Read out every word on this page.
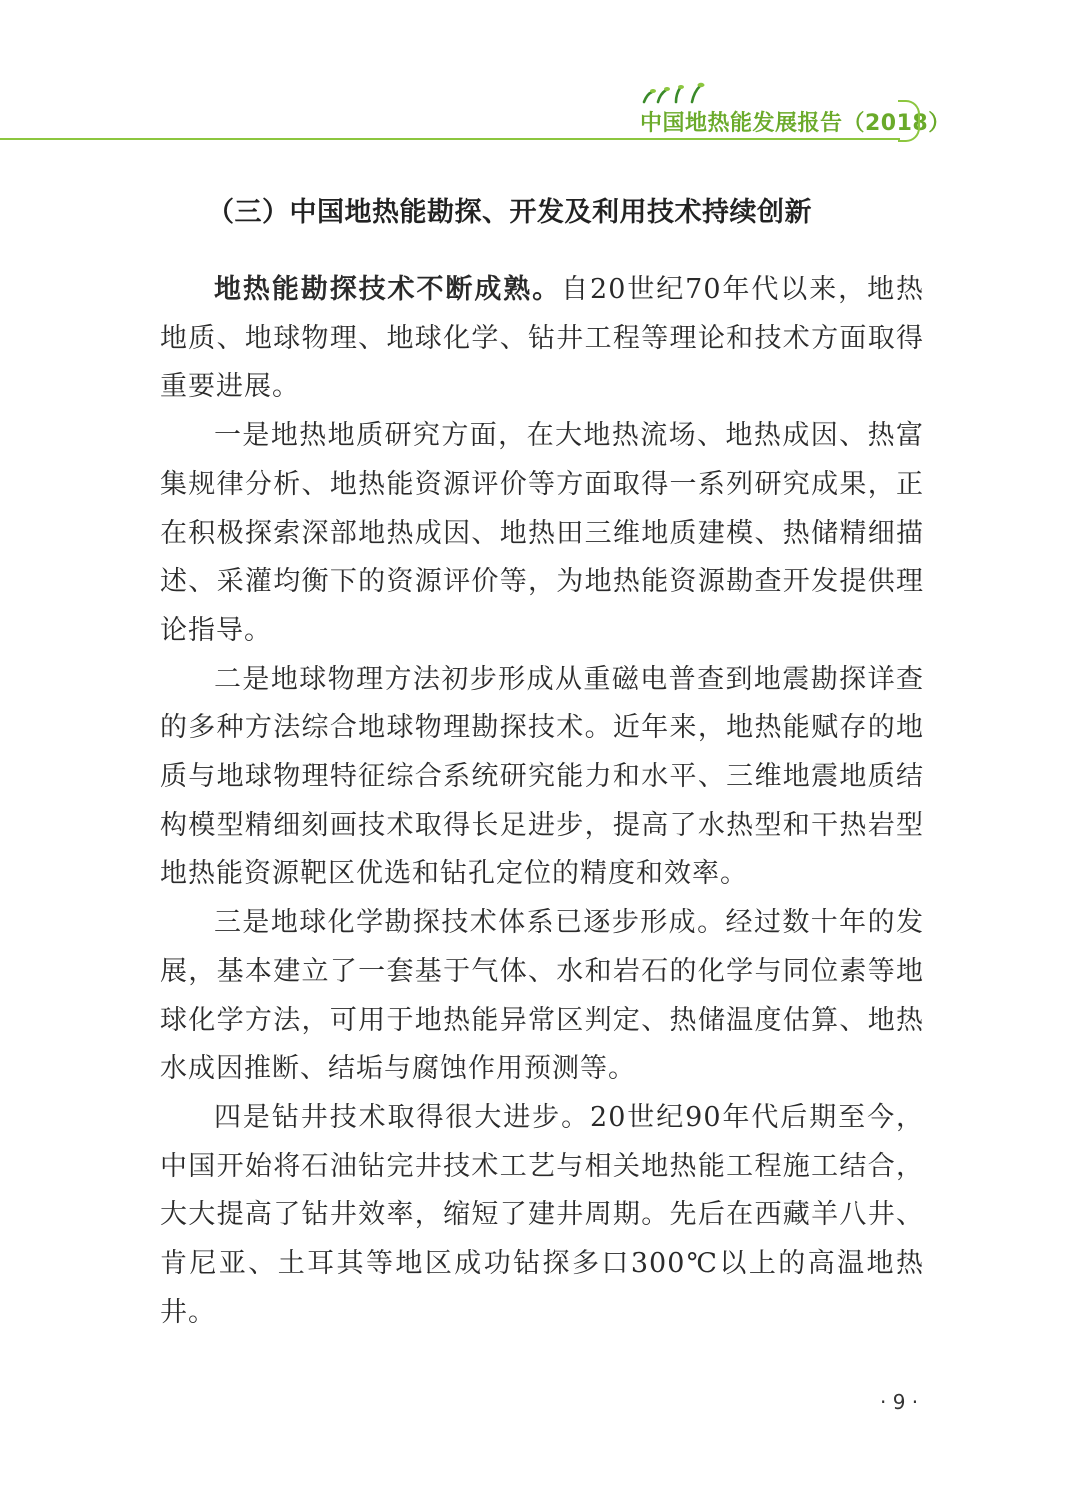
中国地热能发展报告（2018）
（三）中国地热能勘探、开发及利用技术持续创新

地热能勘探技术不断成熟。自20世纪70年代以来，地热地质、地球物理、地球化学、钻井工程等理论和技术方面取得重要进展。

一是地热地质研究方面，在大地热流场、地热成因、热富集规律分析、地热能资源评价等方面取得一系列研究成果，正在积极探索深部地热成因、地热田三维地质建模、热储精细描述、采灌均衡下的资源评价等，为地热能资源勘查开发提供理论指导。

二是地球物理方法初步形成从重磁电普查到地震勘探详查的多种方法综合地球物理勘探技术。近年来，地热能赋存的地质与地球物理特征综合系统研究能力和水平、三维地震地质结构模型精细刻画技术取得长足进步，提高了水热型和干热岩型地热能资源靶区优选和钻孔定位的精度和效率。

三是地球化学勘探技术体系已逐步形成。经过数十年的发展，基本建立了一套基于气体、水和岩石的化学与同位素等地球化学方法，可用于地热能异常区判定、热储温度估算、地热水成因推断、结垢与腐蚀作用预测等。

四是钻井技术取得很大进步。20世纪90年代后期至今，中国开始将石油钻完井技术工艺与相关地热能工程施工结合，大大提高了钻井效率，缩短了建井周期。先后在西藏羊八井、肯尼亚、土耳其等地区成功钻探多口300℃以上的高温地热井。

· 9 ·
